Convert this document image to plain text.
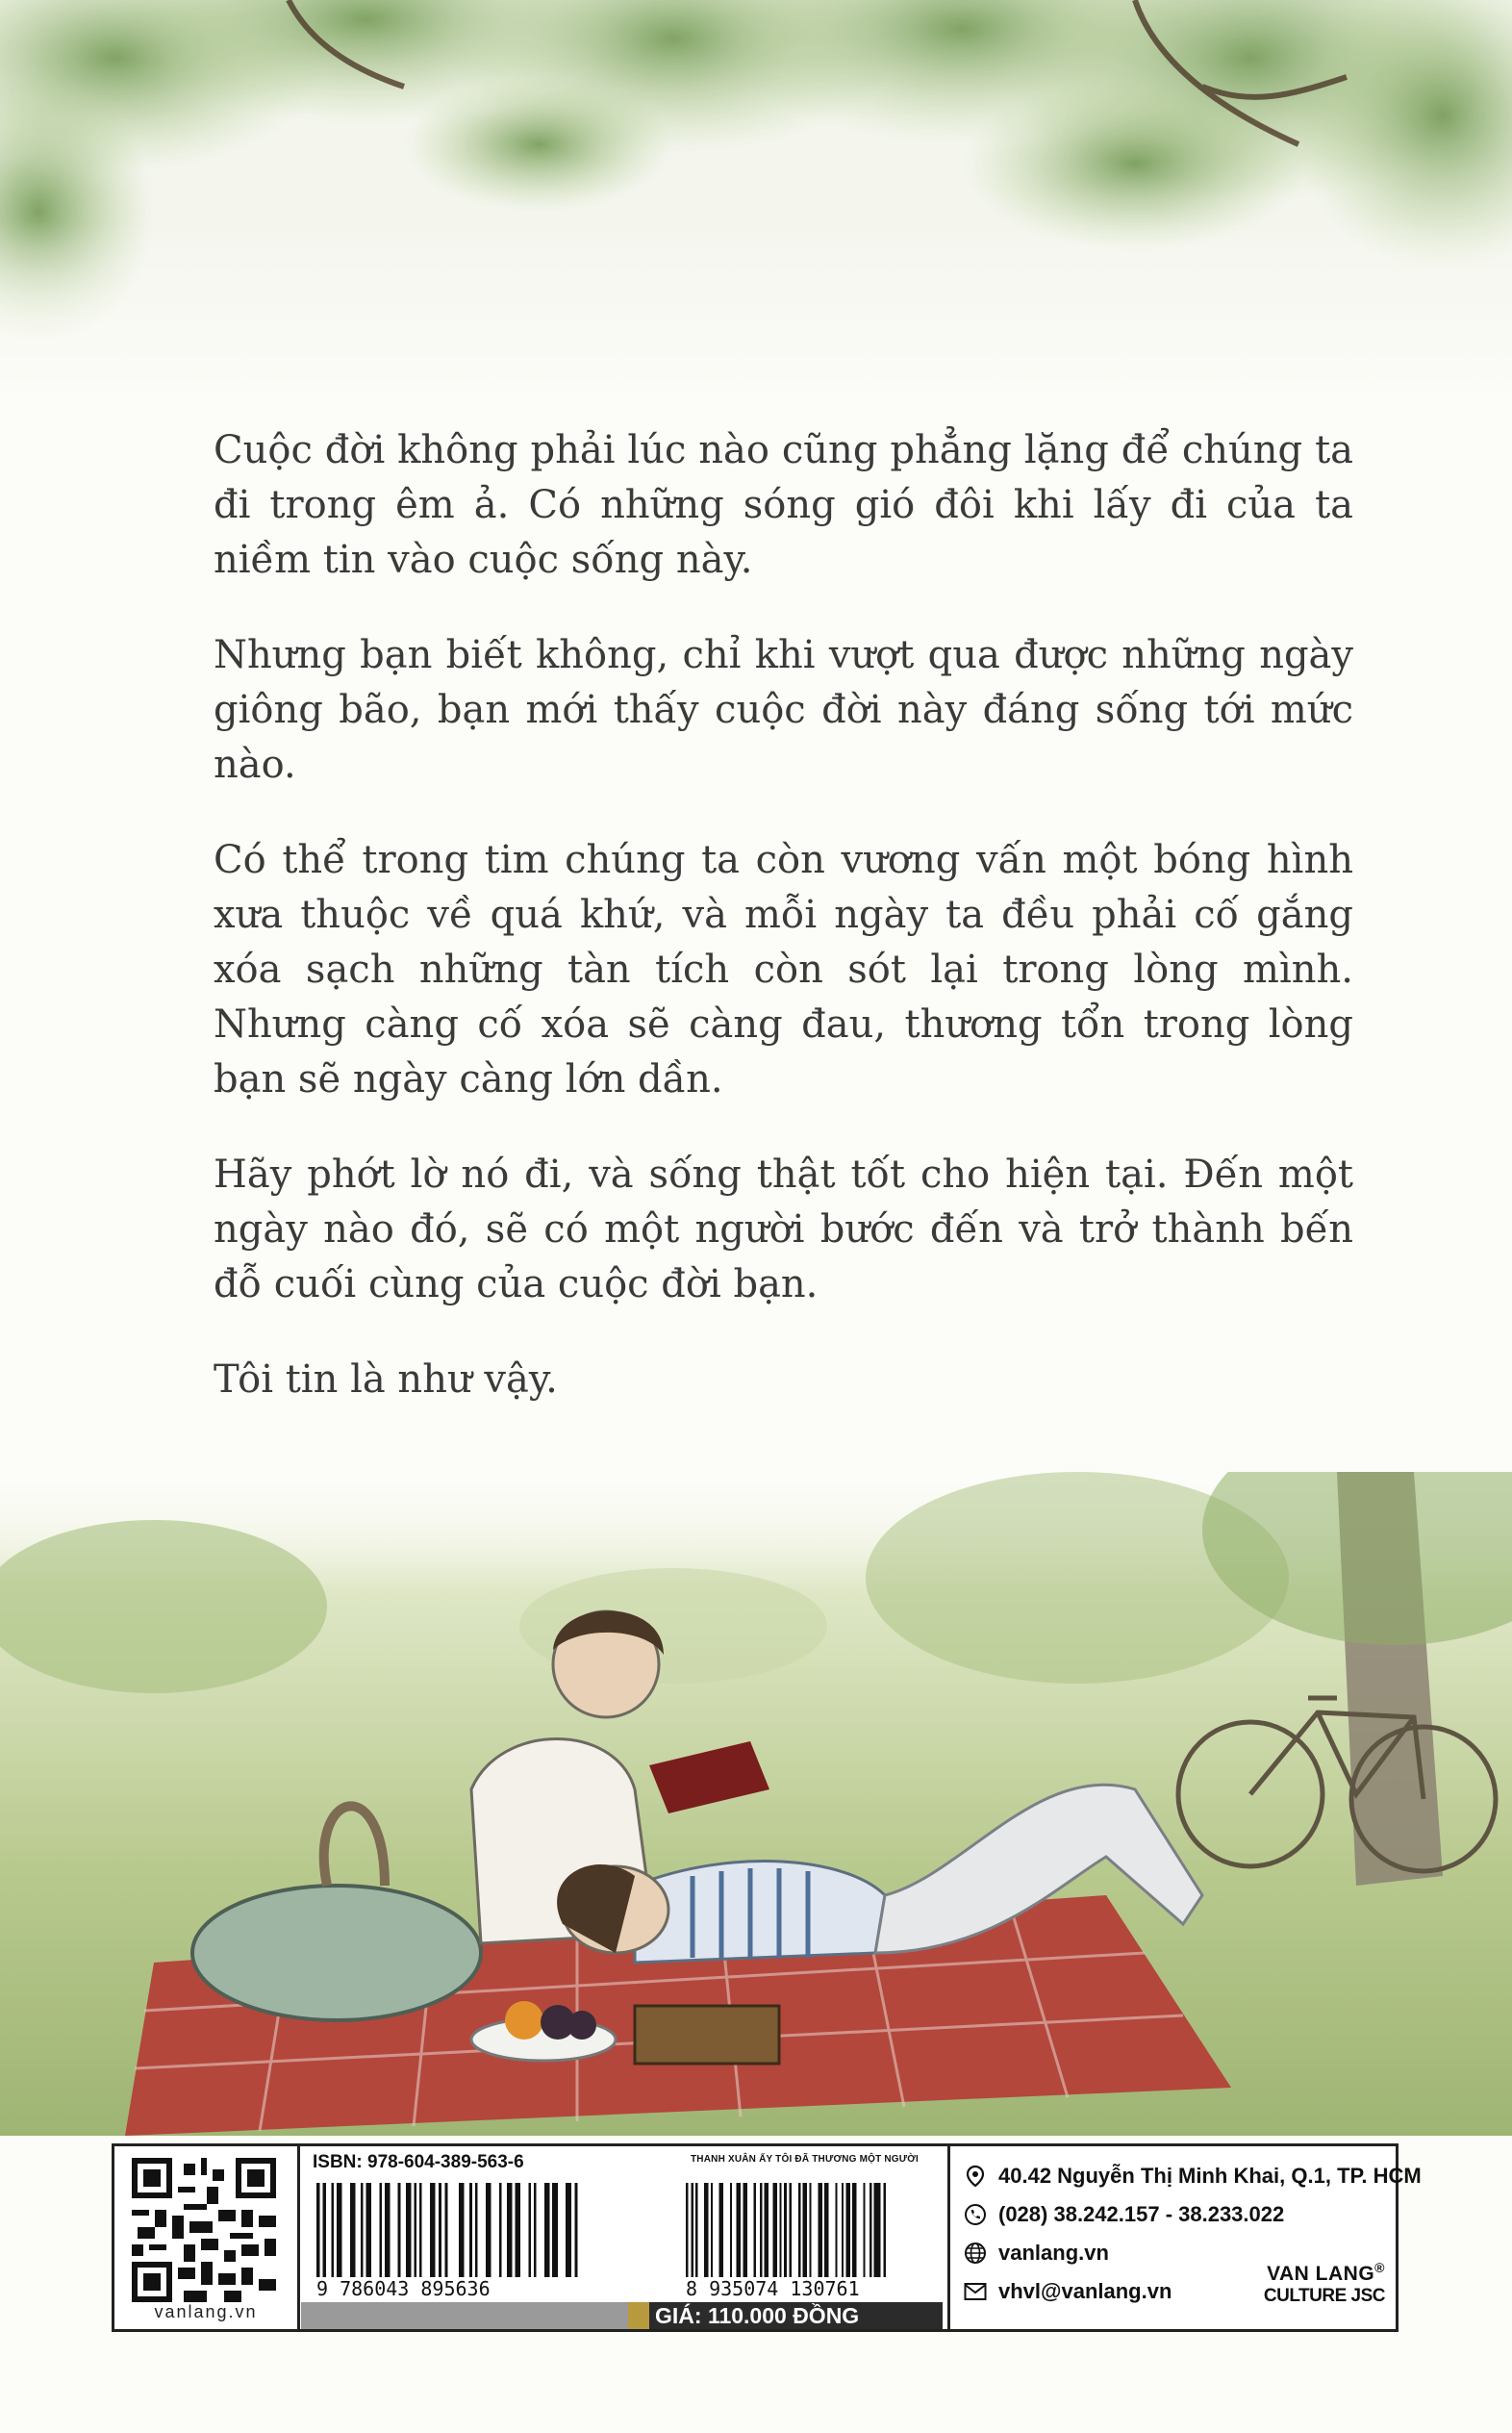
Cuộc đời không phải lúc nào cũng phẳng lặng để chúng ta đi trong êm ả. Có những sóng gió đôi khi lấy đi của ta niềm tin vào cuộc sống này.

Nhưng bạn biết không, chỉ khi vượt qua được những ngày giông bão, bạn mới thấy cuộc đời này đáng sống tới mức nào.

Có thể trong tim chúng ta còn vương vấn một bóng hình xưa thuộc về quá khứ, và mỗi ngày ta đều phải cố gắng xóa sạch những tàn tích còn sót lại trong lòng mình. Nhưng càng cố xóa sẽ càng đau, thương tổn trong lòng bạn sẽ ngày càng lớn dần.

Hãy phớt lờ nó đi, và sống thật tốt cho hiện tại. Đến một ngày nào đó, sẽ có một người bước đến và trở thành bến đỗ cuối cùng của cuộc đời bạn.

Tôi tin là như vậy.

vanlang.vn
ISBN: 978-604-389-563-6	THANH XUÂN ẤY TÔI ĐÃ THƯƠNG MỘT NGƯỜI
9 786043 895636	8 935074 130761
GIÁ: 110.000 ĐỒNG
40.42 Nguyễn Thị Minh Khai, Q.1, TP. HCM
(028) 38.242.157 - 38.233.022
vanlang.vn
vhvl@vanlang.vn
VAN LANG®
CULTURE JSC
